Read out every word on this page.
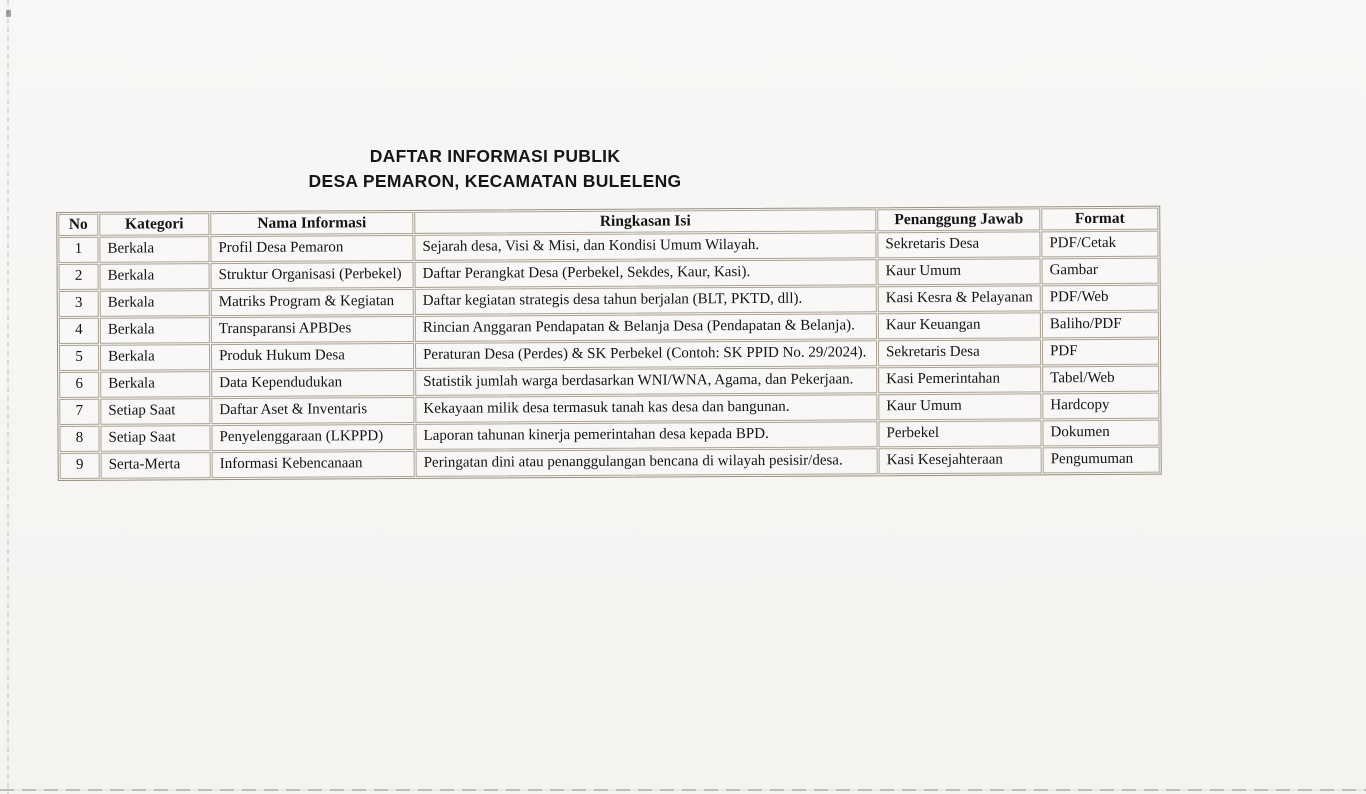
DAFTAR INFORMASI PUBLIK
DESA PEMARON, KECAMATAN BULELENG
No	Kategori	Nama Informasi	Ringkasan Isi	Penanggung Jawab	Format
1	Berkala	Profil Desa Pemaron	Sejarah desa, Visi & Misi, dan Kondisi Umum Wilayah.	Sekretaris Desa	PDF/Cetak
2	Berkala	Struktur Organisasi (Perbekel)	Daftar Perangkat Desa (Perbekel, Sekdes, Kaur, Kasi).	Kaur Umum	Gambar
3	Berkala	Matriks Program & Kegiatan	Daftar kegiatan strategis desa tahun berjalan (BLT, PKTD, dll).	Kasi Kesra & Pelayanan	PDF/Web
4	Berkala	Transparansi APBDes	Rincian Anggaran Pendapatan & Belanja Desa (Pendapatan & Belanja).	Kaur Keuangan	Baliho/PDF
5	Berkala	Produk Hukum Desa	Peraturan Desa (Perdes) & SK Perbekel (Contoh: SK PPID No. 29/2024).	Sekretaris Desa	PDF
6	Berkala	Data Kependudukan	Statistik jumlah warga berdasarkan WNI/WNA, Agama, dan Pekerjaan.	Kasi Pemerintahan	Tabel/Web
7	Setiap Saat	Daftar Aset & Inventaris	Kekayaan milik desa termasuk tanah kas desa dan bangunan.	Kaur Umum	Hardcopy
8	Setiap Saat	Penyelenggaraan (LKPPD)	Laporan tahunan kinerja pemerintahan desa kepada BPD.	Perbekel	Dokumen
9	Serta-Merta	Informasi Kebencanaan	Peringatan dini atau penanggulangan bencana di wilayah pesisir/desa.	Kasi Kesejahteraan	Pengumuman
